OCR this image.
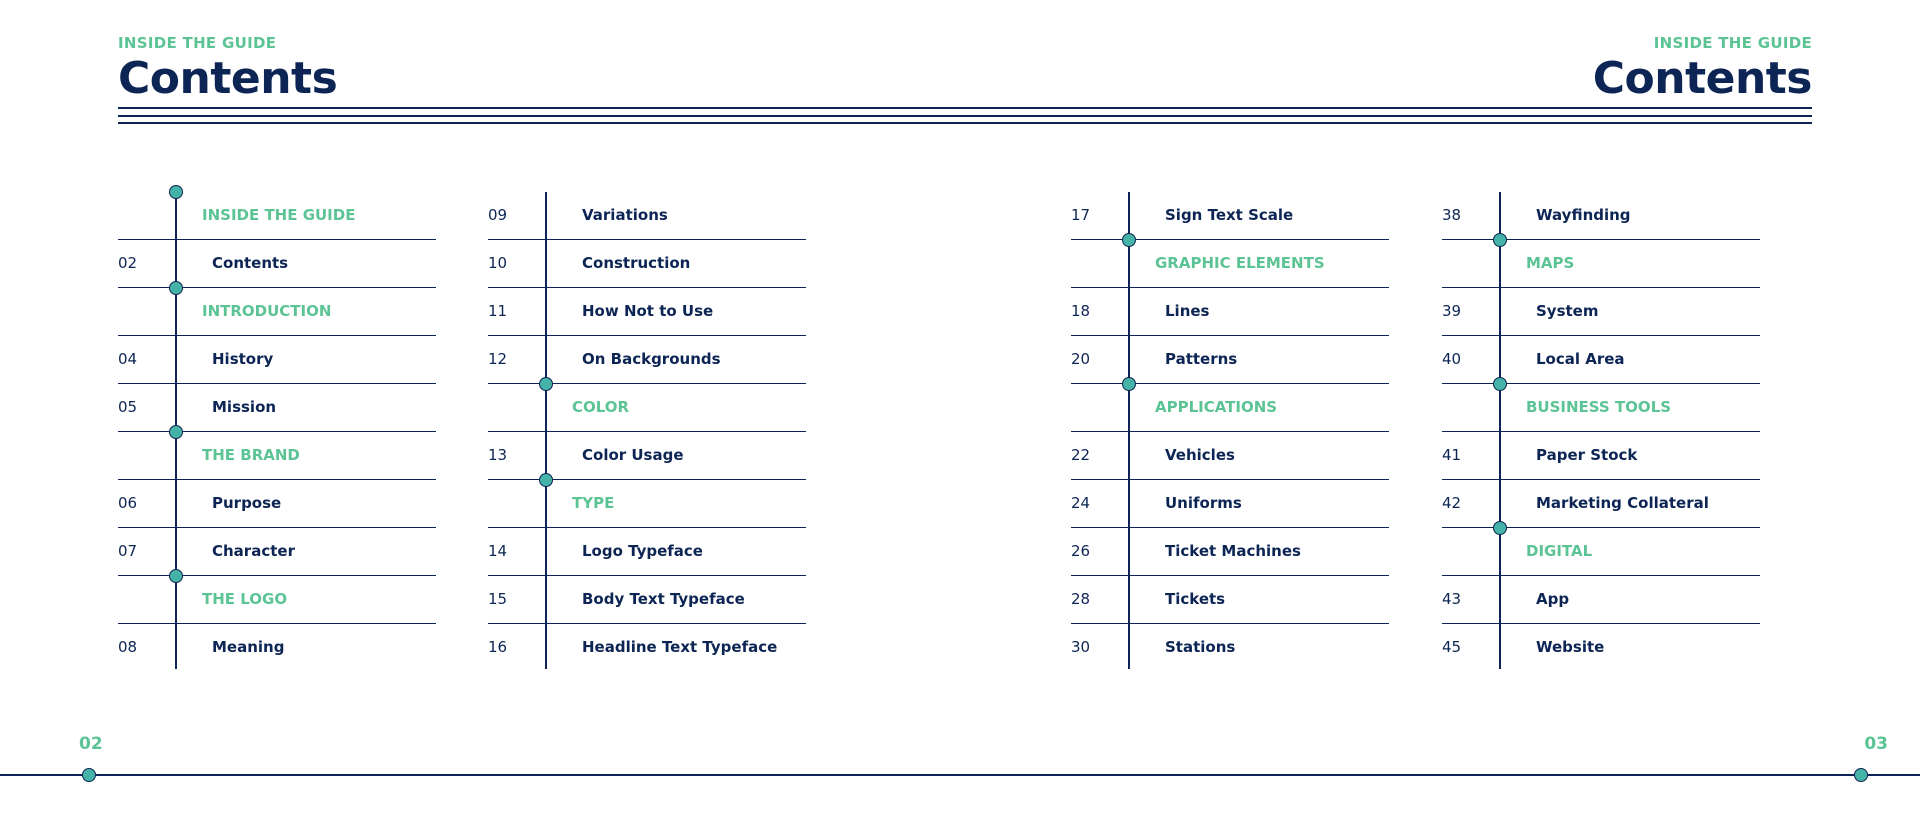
INSIDE THE GUIDE
Contents
INSIDE THE GUIDE
Contents
INSIDE THE GUIDE
02	Contents
INTRODUCTION
04	History
05	Mission
THE BRAND
06	Purpose
07	Character
THE LOGO
08	Meaning
09	Variations
10	Construction
11	How Not to Use
12	On Backgrounds
COLOR
13	Color Usage
TYPE
14	Logo Typeface
15	Body Text Typeface
16	Headline Text Typeface
17	Sign Text Scale
GRAPHIC ELEMENTS
18	Lines
20	Patterns
APPLICATIONS
22	Vehicles
24	Uniforms
26	Ticket Machines
28	Tickets
30	Stations
38	Wayfinding
MAPS
39	System
40	Local Area
BUSINESS TOOLS
41	Paper Stock
42	Marketing Collateral
DIGITAL
43	App
45	Website
02	03
